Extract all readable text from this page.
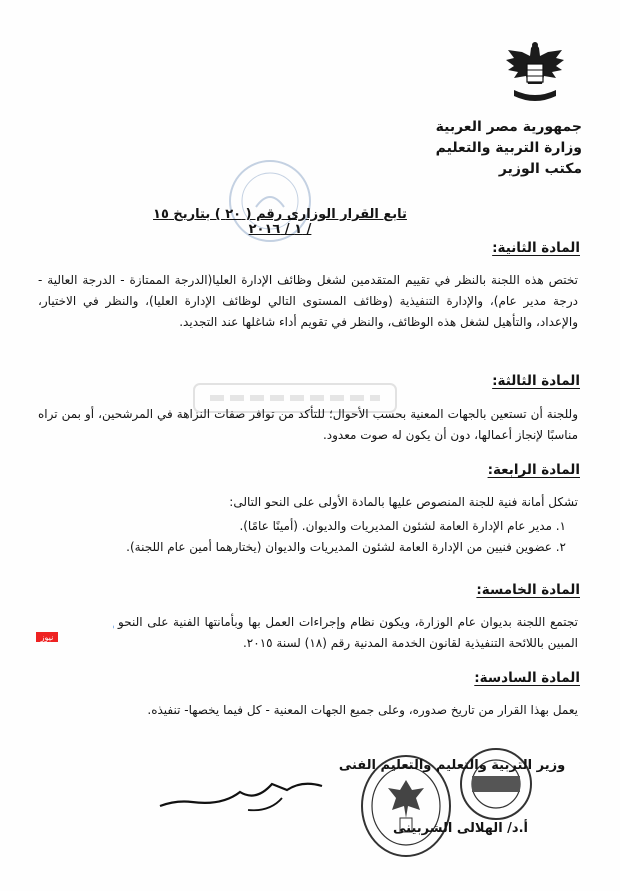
جمهورية مصر العربية
وزارة التربية والتعليم
مكتب الوزير
تابع القرار الوزارى رقم ( ٢٠ ) بتاريخ ١٥ / ١ / ٢٠١٦
المادة الثانية:

تختص هذه اللجنة بالنظر في تقييم المتقدمين لشغل وظائف الإدارة العليا(الدرجة الممتازة - الدرجة العالية - درجة مدير عام)، والإدارة التنفيذية (وظائف المستوى التالي لوظائف الإدارة العليا)، والنظر في الاختيار، والإعداد، والتأهيل لشغل هذه الوظائف، والنظر في تقويم أداء شاغلها عند التجديد.

المادة الثالثة:

وللجنة أن تستعين بالجهات المعنية بحسب الأحوال؛ للتأكد من توافر صفات النزاهة في المرشحين، أو بمن تراه مناسبًا لإنجاز أعمالها، دون أن يكون له صوت معدود.

المادة الرابعة:

تشكل أمانة فنية للجنة المنصوص عليها بالمادة الأولى على النحو التالى:

١. مدير عام الإدارة العامة لشئون المديريات والديوان. (أمينًا عامًا).
٢. عضوين فنيين من الإدارة العامة لشئون المديريات والديوان (يختارهما أمين عام اللجنة).
المادة الخامسة:

تجتمع اللجنة بديوان عام الوزارة، ويكون نظام وإجراءات العمل بها وبأمانتها الفنية على النحو المبين باللائحة التنفيذية لقانون الخدمة المدنية رقم (١٨) لسنة ٢٠١٥.

نيوز
المادة السادسة:

يعمل بهذا القرار من تاريخ صدوره، وعلى جميع الجهات المعنية - كل فيما يخصها- تنفيذه.

وزير التربية والتعليم والتعليم الفنى
أ.د/ الهلالى الشربينى
